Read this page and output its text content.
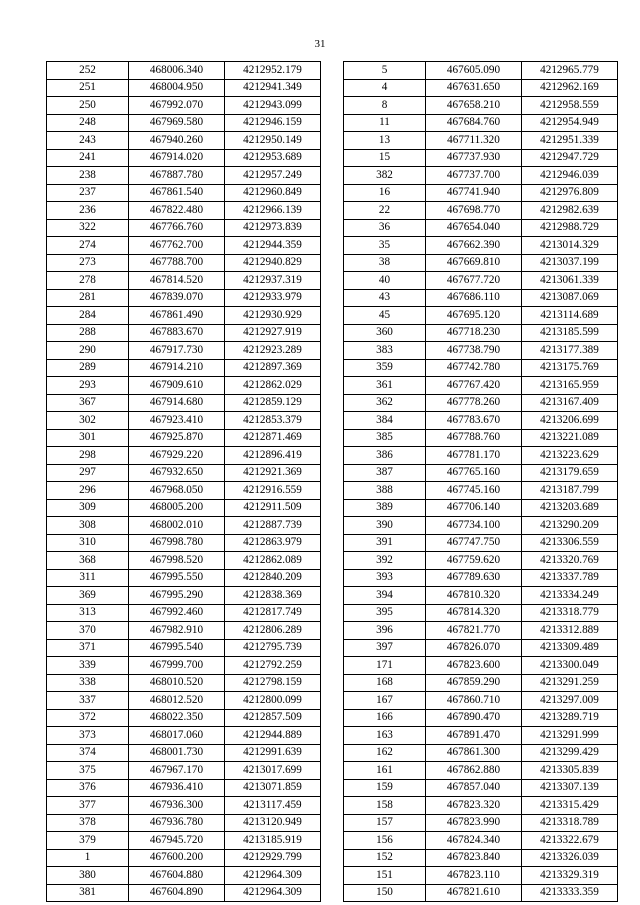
31
252	468006.340	4212952.179
251	468004.950	4212941.349
250	467992.070	4212943.099
248	467969.580	4212946.159
243	467940.260	4212950.149
241	467914.020	4212953.689
238	467887.780	4212957.249
237	467861.540	4212960.849
236	467822.480	4212966.139
322	467766.760	4212973.839
274	467762.700	4212944.359
273	467788.700	4212940.829
278	467814.520	4212937.319
281	467839.070	4212933.979
284	467861.490	4212930.929
288	467883.670	4212927.919
290	467917.730	4212923.289
289	467914.210	4212897.369
293	467909.610	4212862.029
367	467914.680	4212859.129
302	467923.410	4212853.379
301	467925.870	4212871.469
298	467929.220	4212896.419
297	467932.650	4212921.369
296	467968.050	4212916.559
309	468005.200	4212911.509
308	468002.010	4212887.739
310	467998.780	4212863.979
368	467998.520	4212862.089
311	467995.550	4212840.209
369	467995.290	4212838.369
313	467992.460	4212817.749
370	467982.910	4212806.289
371	467995.540	4212795.739
339	467999.700	4212792.259
338	468010.520	4212798.159
337	468012.520	4212800.099
372	468022.350	4212857.509
373	468017.060	4212944.889
374	468001.730	4212991.639
375	467967.170	4213017.699
376	467936.410	4213071.859
377	467936.300	4213117.459
378	467936.780	4213120.949
379	467945.720	4213185.919
1	467600.200	4212929.799
380	467604.880	4212964.309
381	467604.890	4212964.309
5	467605.090	4212965.779
4	467631.650	4212962.169
8	467658.210	4212958.559
11	467684.760	4212954.949
13	467711.320	4212951.339
15	467737.930	4212947.729
382	467737.700	4212946.039
16	467741.940	4212976.809
22	467698.770	4212982.639
36	467654.040	4212988.729
35	467662.390	4213014.329
38	467669.810	4213037.199
40	467677.720	4213061.339
43	467686.110	4213087.069
45	467695.120	4213114.689
360	467718.230	4213185.599
383	467738.790	4213177.389
359	467742.780	4213175.769
361	467767.420	4213165.959
362	467778.260	4213167.409
384	467783.670	4213206.699
385	467788.760	4213221.089
386	467781.170	4213223.629
387	467765.160	4213179.659
388	467745.160	4213187.799
389	467706.140	4213203.689
390	467734.100	4213290.209
391	467747.750	4213306.559
392	467759.620	4213320.769
393	467789.630	4213337.789
394	467810.320	4213334.249
395	467814.320	4213318.779
396	467821.770	4213312.889
397	467826.070	4213309.489
171	467823.600	4213300.049
168	467859.290	4213291.259
167	467860.710	4213297.009
166	467890.470	4213289.719
163	467891.470	4213291.999
162	467861.300	4213299.429
161	467862.880	4213305.839
159	467857.040	4213307.139
158	467823.320	4213315.429
157	467823.990	4213318.789
156	467824.340	4213322.679
152	467823.840	4213326.039
151	467823.110	4213329.319
150	467821.610	4213333.359
